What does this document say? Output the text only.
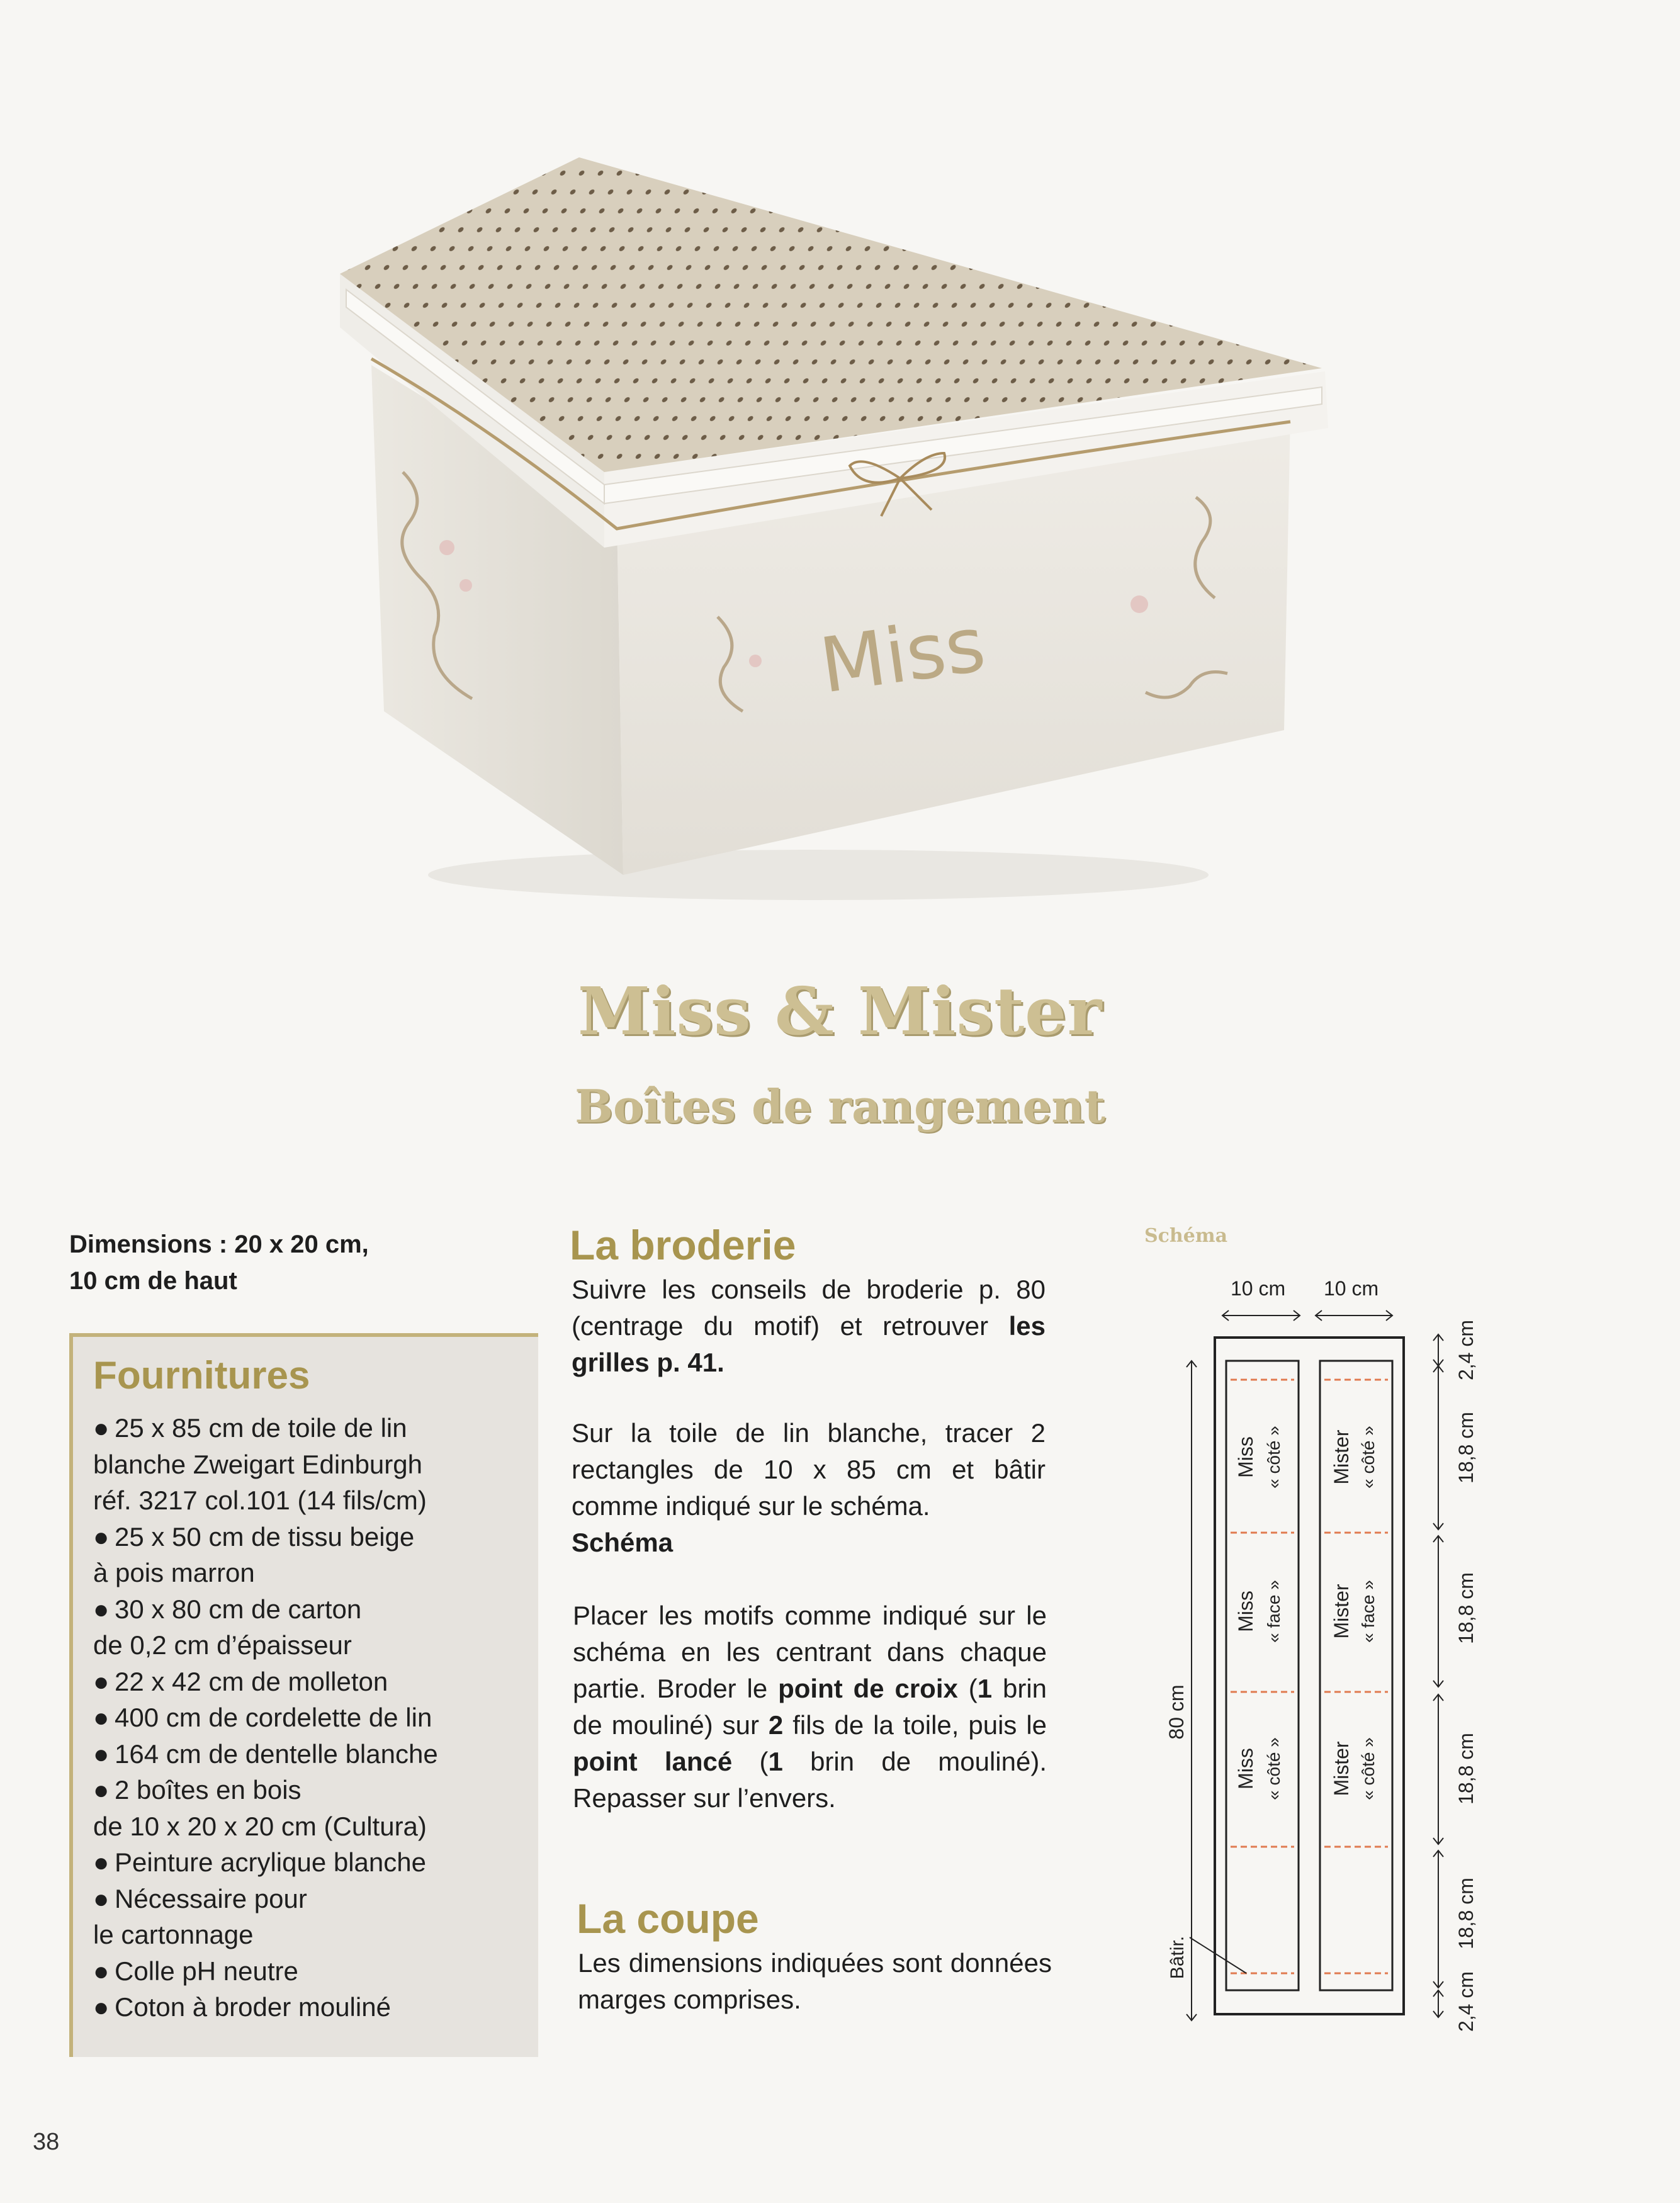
Miss
Miss & Mister
Boîtes de rangement
Dimensions : 20 x 20 cm,
10 cm de haut
Fournitures
● 25 x 85 cm de toile de lin
blanche Zweigart Edinburgh
réf. 3217 col.101 (14 fils/cm)
● 25 x 50 cm de tissu beige
à pois marron
● 30 x 80 cm de carton
de 0,2 cm d’épaisseur
● 22 x 42 cm de molleton
● 400 cm de cordelette de lin
● 164 cm de dentelle blanche
● 2 boîtes en bois
de 10 x 20 x 20 cm (Cultura)
● Peinture acrylique blanche
● Nécessaire pour
le cartonnage
● Colle pH neutre
● Coton à broder mouliné
La broderie
Suivre les conseils de broderie p. 80 (centrage du motif) et retrouver les grilles p. 41.
Sur la toile de lin blanche, tracer 2 rectangles de 10 x 85 cm et bâtir comme indiqué sur le schéma.
Schéma
Placer les motifs comme indiqué sur le schéma en les centrant dans chaque partie. Broder le point de croix (1 brin de mouliné) sur 2 fils de la toile, puis le point lancé (1 brin de mouliné). Repasser sur l’envers.
La coupe
Les dimensions indiquées sont données marges comprises.
Schéma
10 cm 10 cm
Miss « côté »
Miss « face »
Miss « côté »
Mister « côté »
Mister « face »
Mister « côté »
80 cm
Bâtir.
2,4 cm
18,8 cm
18,8 cm
18,8 cm
18,8 cm
2,4 cm
38
